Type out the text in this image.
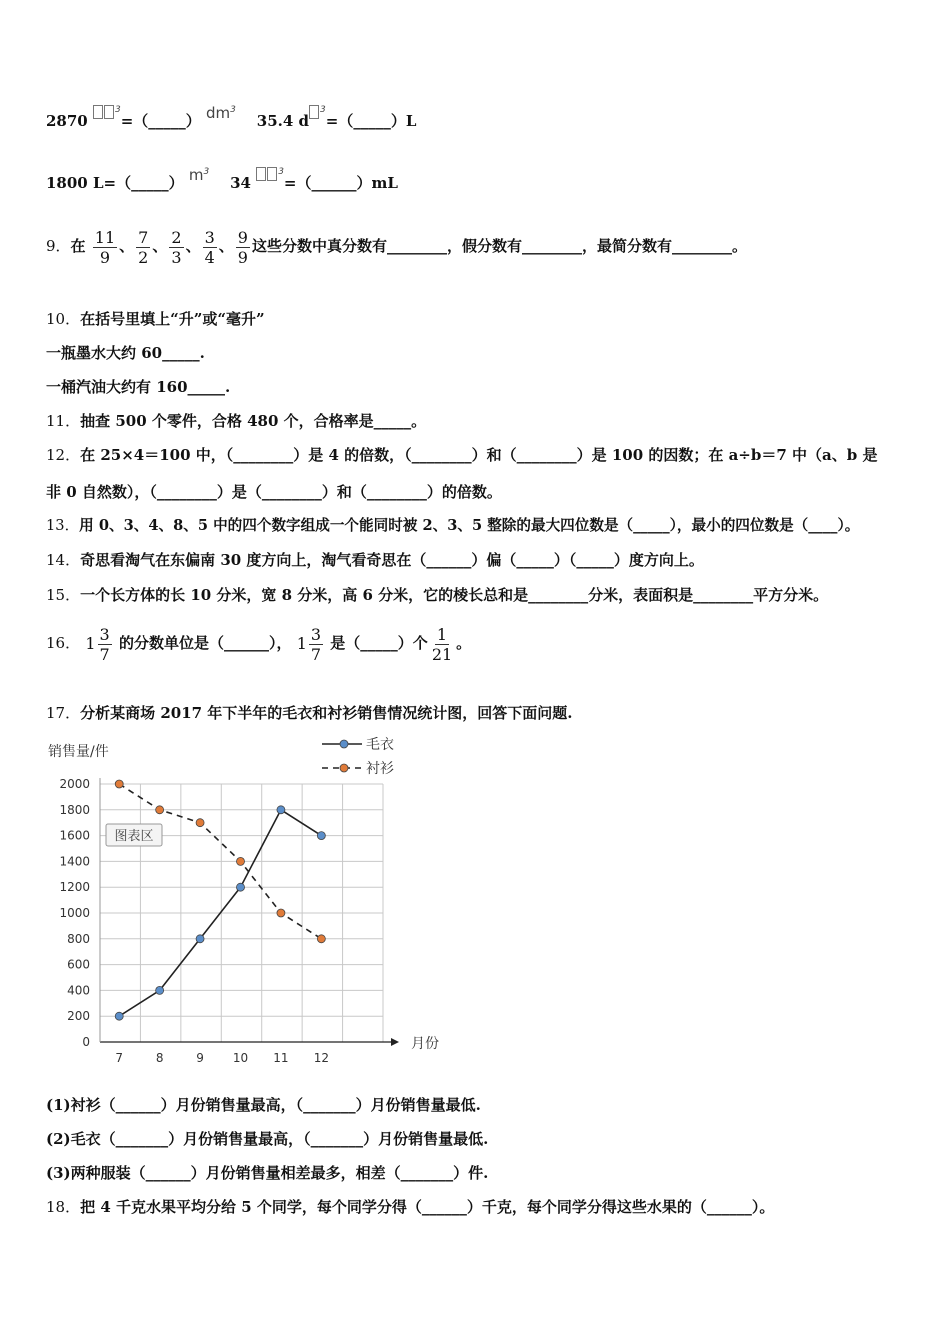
2870 $^3$=（_____） $dm^3$    35.4 $d^3=(\_\_\_\_\_)L$
1800 L=（_____） $m^3$    34 $^3$=（______）mL
9．在 $\frac{11}{9}$ 、 $\frac{7}{2}$ 、 $\frac{2}{3}$ 、 $\frac{3}{4}$ 、 $\frac{9}{9}$ 这些分数中真分数有________，假分数有________，最简分数有________。
10．在括号里填上“升”或“毫升”
一瓶墨水大约 60_____.
一桶汽油大约有 160_____.
11．抽查 500 个零件，合格 480 个，合格率是_____。
12．在 25×4＝100 中，（________）是 4 的倍数，（________）和（________）是 100 的因数；在 a÷b＝7 中（a、b 是
非 0 自然数），（________）是（________）和（________）的倍数。
13．用 0、3、4、8、5 中的四个数字组成一个能同时被 2、3、5 整除的最大四位数是（_____），最小的四位数是（____）。
14．奇思看淘气在东偏南 30 度方向上，淘气看奇思在（______）偏（_____）（_____）度方向上。
15．一个长方体的长 10 分米，宽 8 分米，高 6 分米，它的棱长总和是________分米，表面积是________平方分米。
16． $1 \frac{3}{7}$ 的分数单位是（______）， $1 \frac{3}{7}$ 是（_____）个 $\frac{1}{21}$ 。
17．分析某商场 2017 年下半年的毛衣和衬衫销售情况统计图，回答下面问题.
0
200
400
600
800
1000
1200
1400
1600
1800
2000
7	8	9 10 11 12
月份
销售量/件
图表区
毛衣
衬衫
(1)衬衫（______）月份销售量最高，（_______）月份销售量最低.
(2)毛衣（_______）月份销售量最高，（_______）月份销售量最低.
(3)两种服装（______）月份销售量相差最多，相差（_______）件.
18．把 4 千克水果平均分给 5 个同学，每个同学分得（______）千克，每个同学分得这些水果的（______）。
